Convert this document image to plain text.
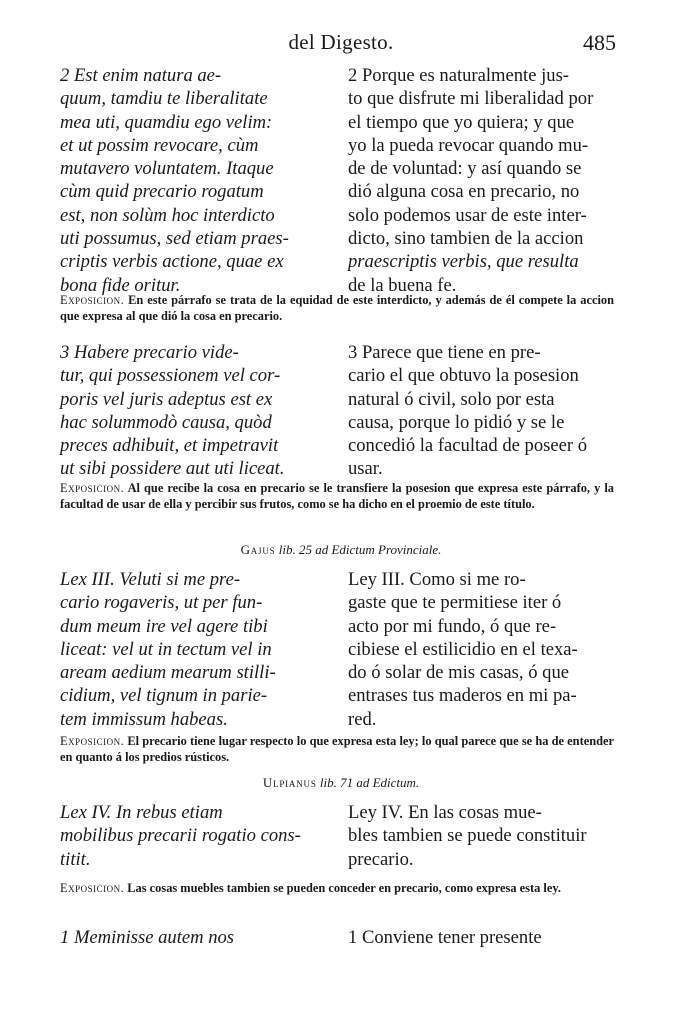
del Digesto.	485
2 Est enim natura ae-
quum, tamdiu te liberalitate
mea uti, quamdiu ego velim:
et ut possim revocare, cùm
mutavero voluntatem. Itaque
cùm quid precario rogatum
est, non solùm hoc interdicto
uti possumus, sed etiam praes-
criptis verbis actione, quae ex
bona fide oritur.
2 Porque es naturalmente jus-
to que disfrute mi liberalidad por
el tiempo que yo quiera; y que
yo la pueda revocar quando mu-
de de voluntad: y así quando se
dió alguna cosa en precario, no
solo podemos usar de este inter-
dicto, sino tambien de la accion
praescriptis verbis, que resulta
de la buena fe.
Exposicion. En este párrafo se trata de la equidad de este interdicto, y además de él compete la accion que expresa al que dió la cosa en precario.
3 Habere precario vide-
tur, qui possessionem vel cor-
poris vel juris adeptus est ex
hac solummodò causa, quòd
preces adhibuit, et impetravit
ut sibi possidere aut uti liceat.
3 Parece que tiene en pre-
cario el que obtuvo la posesion
natural ó civil, solo por esta
causa, porque lo pidió y se le
concedió la facultad de poseer ó
usar.
Exposicion. Al que recibe la cosa en precario se le transfiere la posesion que expresa este párrafo, y la facultad de usar de ella y percibir sus frutos, como se ha dicho en el proemio de este título.
Gajus lib. 25 ad Edictum Provinciale.
Lex III. Veluti si me pre-
cario rogaveris, ut per fun-
dum meum ire vel agere tibi
liceat: vel ut in tectum vel in
aream aedium mearum stilli-
cidium, vel tignum in pariе-
tem immissum habeas.
Ley III. Como si me ro-
gaste que te permitiese iter ó
acto por mi fundo, ó que re-
cibiese el estilicidio en el texa-
do ó solar de mis casas, ó que
entrases tus maderos en mi pa-
red.
Exposicion. El precario tiene lugar respecto lo que expresa esta ley; lo qual parece que se ha de entender en quanto á los predios rústicos.
Ulpianus lib. 71 ad Edictum.
Lex IV. In rebus etiam
mobilibus precarii rogatio cons-
titit.
Ley IV. En las cosas mue-
bles tambien se puede constituir
precario.
Exposicion. Las cosas muebles tambien se pueden conceder en precario, como expresa esta ley.
1 Meminisse autem nos	1 Conviene tener presente
